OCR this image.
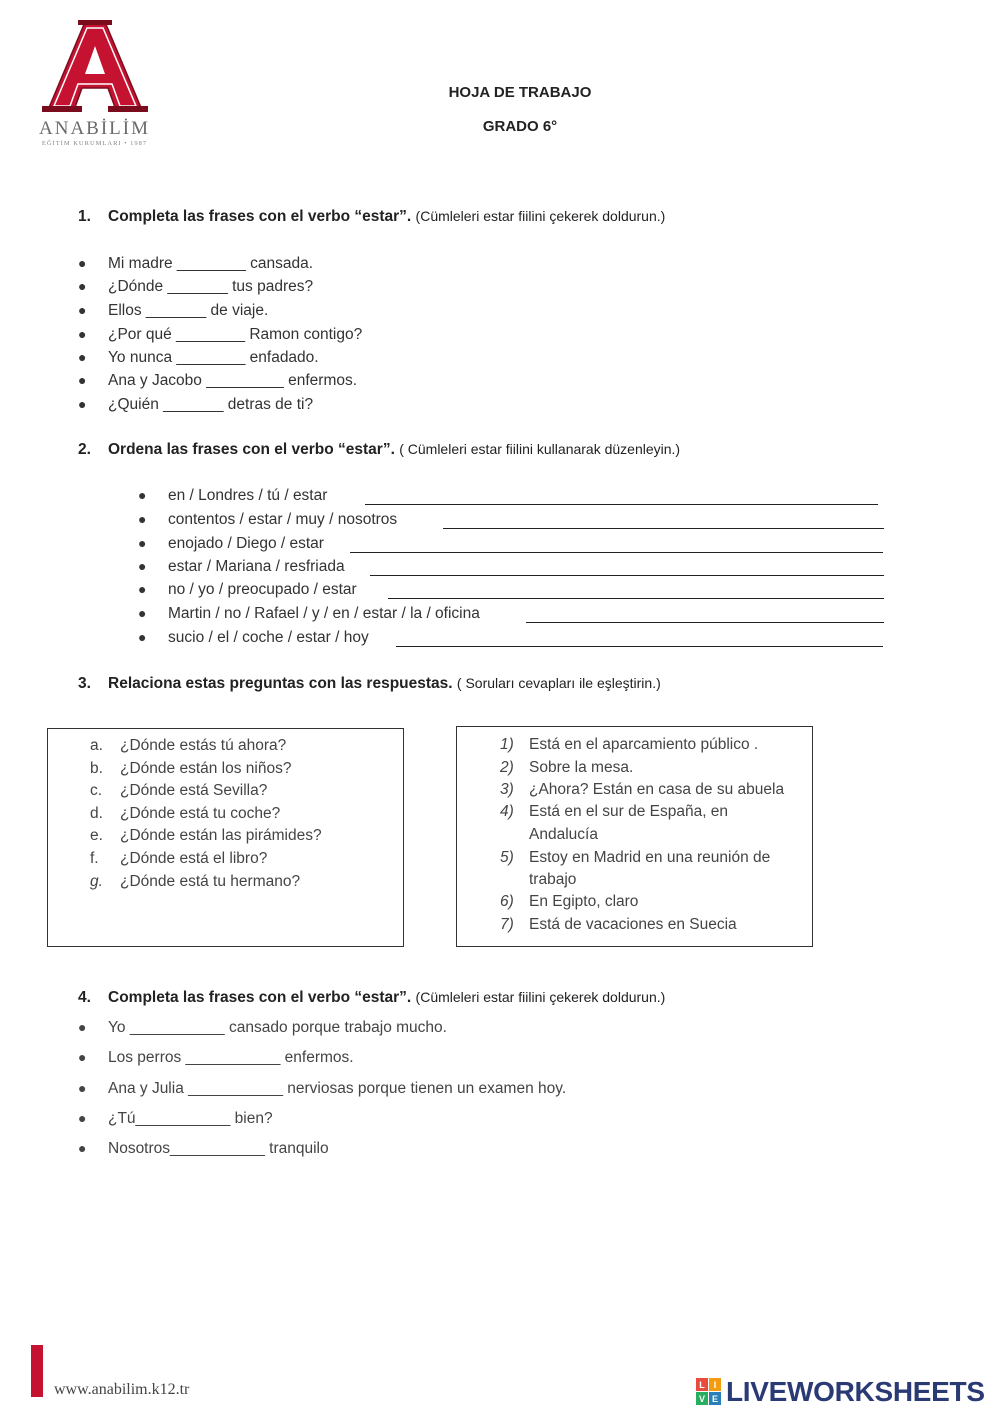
ANABİLİM
EĞİTİM KURUMLARI • 1987
HOJA DE TRABAJO
GRADO 6°
1. Completa las frases con el verbo “estar”. (Cümleleri estar fiilini çekerek doldurun.)
● Mi madre ________ cansada.
● ¿Dónde _______ tus padres?
● Ellos _______ de viaje.
● ¿Por qué ________ Ramon contigo?
● Yo nunca ________ enfadado.
● Ana y Jacobo _________ enfermos.
● ¿Quién _______ detras de ti?
2. Ordena las frases con el verbo “estar”. ( Cümleleri estar fiilini kullanarak düzenleyin.)
● en / Londres / tú / estar
● contentos / estar / muy / nosotros
● enojado / Diego / estar
● estar / Mariana / resfriada
● no / yo / preocupado / estar
● Martin / no / Rafael / y / en / estar / la / oficina
● sucio / el / coche / estar / hoy
3. Relaciona estas preguntas con las respuestas. ( Soruları cevapları ile eşleştirin.)
a. ¿Dónde estás tú ahora?
b. ¿Dónde están los niños?
c. ¿Dónde está Sevilla?
d. ¿Dónde está tu coche?
e. ¿Dónde están las pirámides?
f. ¿Dónde está el libro?
g. ¿Dónde está tu hermano?
1) Está en el aparcamiento público .
2) Sobre la mesa.
3) ¿Ahora? Están en casa de su abuela
4) Está en el sur de España, en
Andalucía
5) Estoy en Madrid en una reunión de
trabajo
6) En Egipto, claro
7) Está de vacaciones en Suecia
4. Completa las frases con el verbo “estar”. (Cümleleri estar fiilini çekerek doldurun.)
● Yo ___________ cansado porque trabajo mucho.
● Los perros ___________ enfermos.
● Ana y Julia ___________ nerviosas porque tienen un examen hoy.
● ¿Tú___________ bien?
● Nosotros___________ tranquilo
www.anabilim.k12.tr	L I
V E LIVEWORKSHEETS
